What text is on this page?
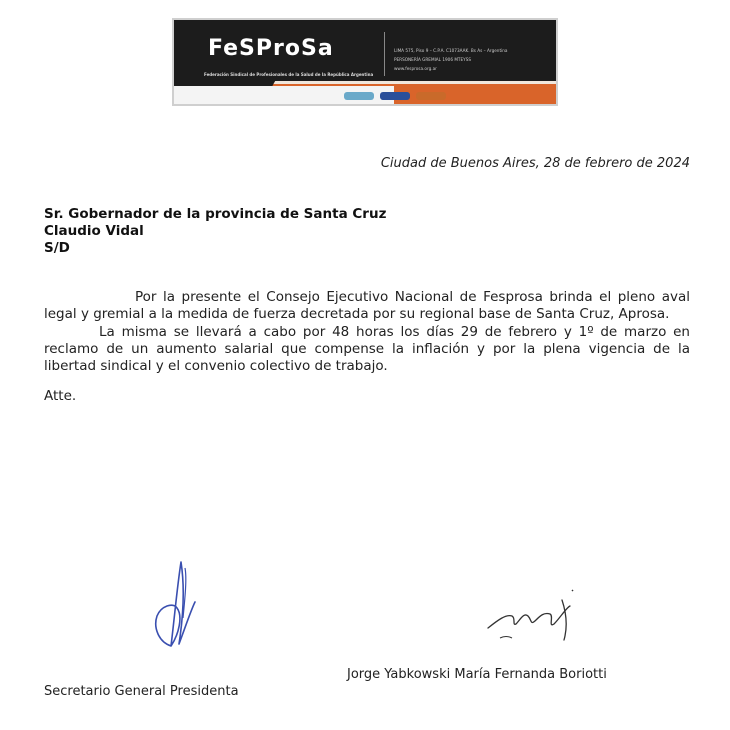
FeSProSa
Federación Sindical de Profesionales de la Salud de la República Argentina
LIMA 575, Piso 9 – C.P.A. C1073AAK. Bs As – Argentina
PERSONERÍA GREMIAL 1906 MTEYSS
www.fesprosa.org.ar
Ciudad de Buenos Aires, 28 de febrero de 2024
Sr. Gobernador de la provincia de Santa Cruz
Claudio Vidal
S/D

Por la presente el Consejo Ejecutivo Nacional de Fesprosa brinda el pleno aval legal y gremial a la medida de fuerza decretada por su regional base de Santa Cruz, Aprosa.

La misma se llevará a cabo por 48 horas los días 29 de febrero y 1º de marzo en reclamo de un aumento salarial que compense la inflación y por la plena vigencia de la libertad sindical y el convenio colectivo de trabajo.

Atte.
Jorge Yabkowski María Fernanda Boriotti
Secretario General Presidenta
